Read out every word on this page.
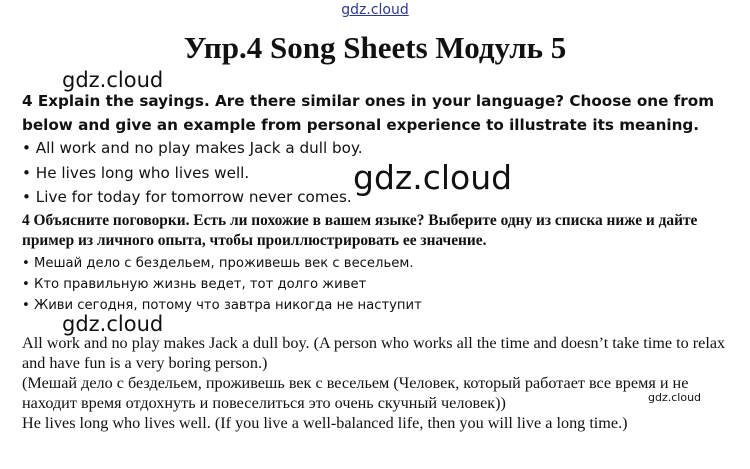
gdz.cloud
Упр.4 Song Sheets Модуль 5
gdz.cloud
4 Explain the sayings. Are there similar ones in your language? Choose one from below and give an example from personal experience to illustrate its meaning.
• All work and no play makes Jack a dull boy.
• He lives long who lives well.
• Live for today for tomorrow never comes. gdz.cloud
4 Объясните поговорки. Есть ли похожие в вашем языке? Выберите одну из списка ниже и дайте пример из личного опыта, чтобы проиллюстрировать ее значение.
• Мешай дело с бездельем, проживешь век с весельем.
• Кто правильную жизнь ведет, тот долго живет
• Живи сегодня, потому что завтра никогда не наступит
gdz.cloud

All work and no play makes Jack a dull boy. (A person who works all the time and doesn’t take time to relax and have fun is a very boring person.)

(Мешай дело с бездельем, проживешь век с весельем (Человек, который работает все время и не находит время отдохнуть и повеселиться это очень скучный человек))

He lives long who lives well. (If you live a well-balanced life, then you will live a long time.)

gdz.cloud
